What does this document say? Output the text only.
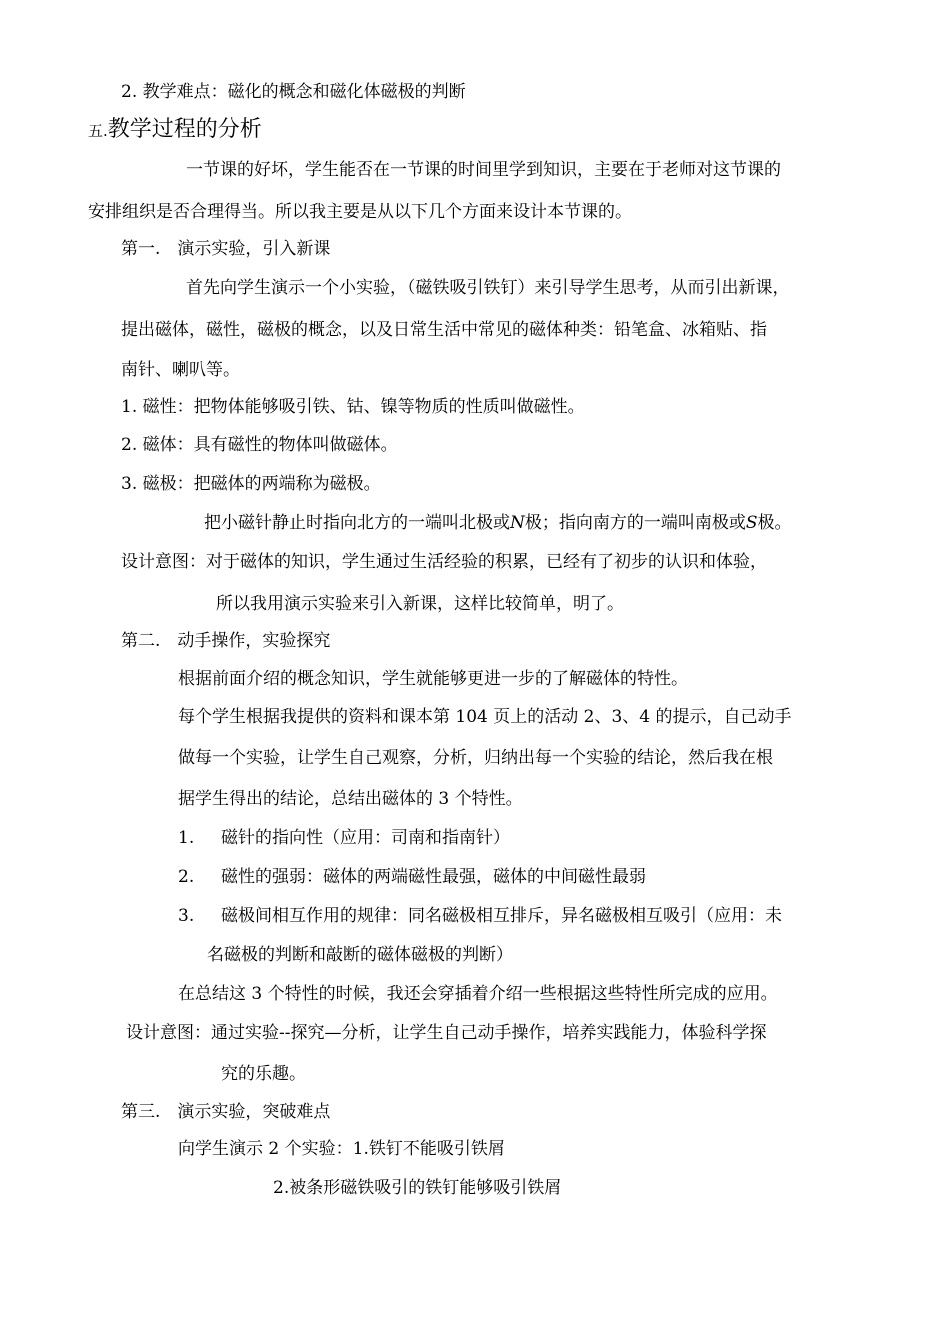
2. 教学难点：磁化的概念和磁化体磁极的判断
五.教学过程的分析
一节课的好坏，学生能否在一节课的时间里学到知识，主要在于老师对这节课的
安排组织是否合理得当。所以我主要是从以下几个方面来设计本节课的。
第一.　演示实验，引入新课
首先向学生演示一个小实验，（磁铁吸引铁钉）来引导学生思考，从而引出新课，
提出磁体，磁性，磁极的概念，以及日常生活中常见的磁体种类：铅笔盒、冰箱贴、指
南针、喇叭等。
1. 磁性：把物体能够吸引铁、钴、镍等物质的性质叫做磁性。
2. 磁体：具有磁性的物体叫做磁体。
3. 磁极：把磁体的两端称为磁极。
把小磁针静止时指向北方的一端叫北极或N极；指向南方的一端叫南极或S极。
设计意图：对于磁体的知识，学生通过生活经验的积累，已经有了初步的认识和体验，
所以我用演示实验来引入新课，这样比较简单，明了。
第二.　动手操作，实验探究
根据前面介绍的概念知识，学生就能够更进一步的了解磁体的特性。
每个学生根据我提供的资料和课本第 104 页上的活动 2、3、4 的提示，自己动手
做每一个实验，让学生自己观察，分析，归纳出每一个实验的结论，然后我在根
据学生得出的结论，总结出磁体的 3 个特性。
1. 磁针的指向性（应用：司南和指南针）
2. 磁性的强弱：磁体的两端磁性最强，磁体的中间磁性最弱
3. 磁极间相互作用的规律：同名磁极相互排斥，异名磁极相互吸引（应用：未
名磁极的判断和敲断的磁体磁极的判断）
在总结这 3 个特性的时候，我还会穿插着介绍一些根据这些特性所完成的应用。
设计意图：通过实验--探究—分析，让学生自己动手操作，培养实践能力，体验科学探
究的乐趣。
第三.　演示实验，突破难点
向学生演示 2 个实验：1.铁钉不能吸引铁屑
2.被条形磁铁吸引的铁钉能够吸引铁屑
